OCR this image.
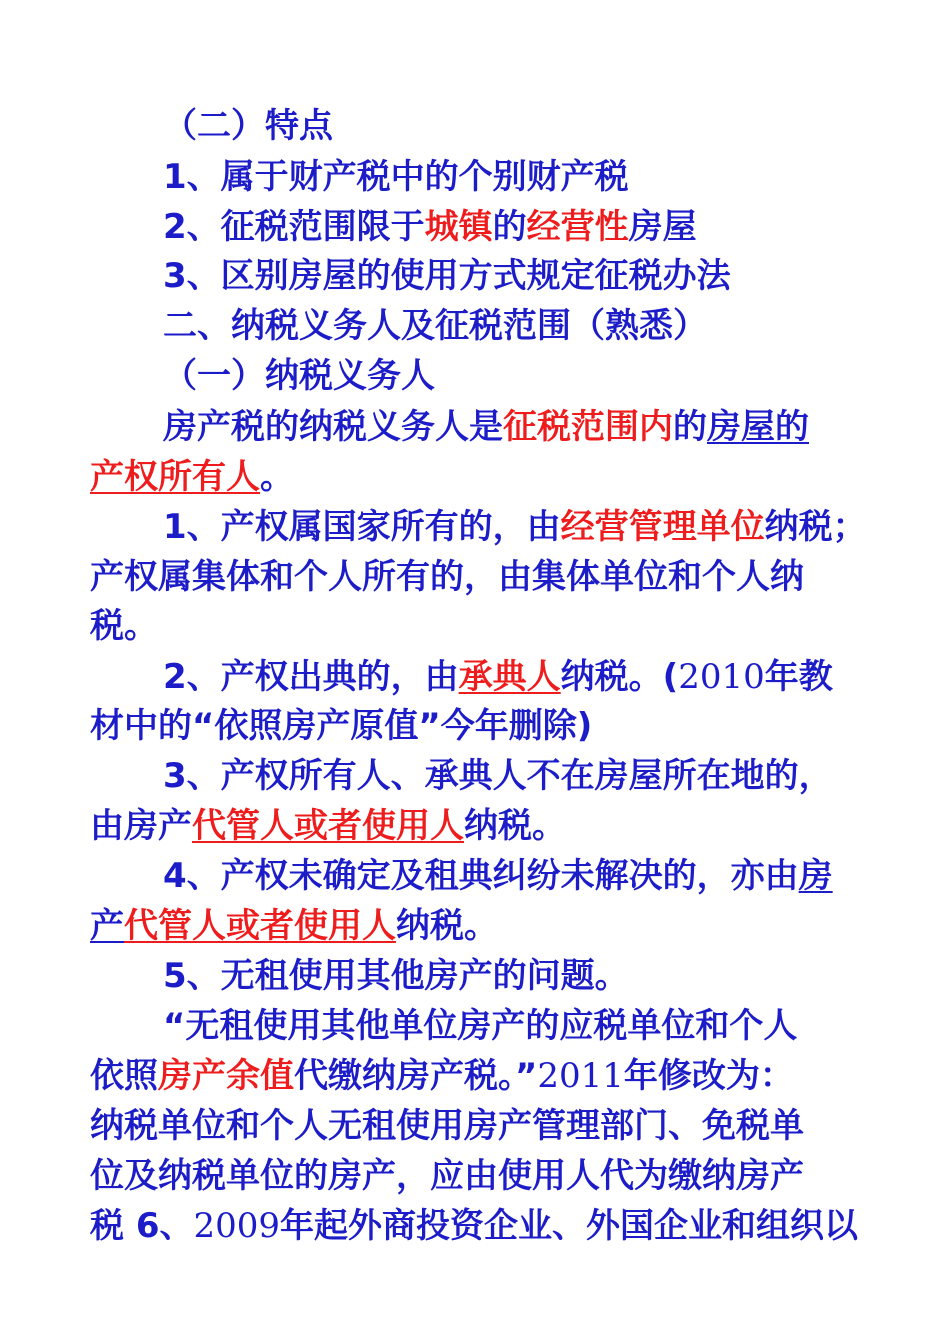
（二）特点
1、属于财产税中的个别财产税
2、征税范围限于城镇的经营性房屋
3、区别房屋的使用方式规定征税办法
二、纳税义务人及征税范围（熟悉）
（一）纳税义务人
房产税的纳税义务人是征税范围内的房屋的
产权所有人。
1、产权属国家所有的，由经营管理单位纳税；
产权属集体和个人所有的，由集体单位和个人纳
税。
2、产权出典的，由承典人纳税。(2010年教
材中的“依照房产原值”今年删除)
3、产权所有人、承典人不在房屋所在地的，
由房产代管人或者使用人纳税。
4、产权未确定及租典纠纷未解决的，亦由房
产代管人或者使用人纳税。
5、无租使用其他房产的问题。
“无租使用其他单位房产的应税单位和个人
依照房产余值代缴纳房产税。”2011年修改为：
纳税单位和个人无租使用房产管理部门、免税单
位及纳税单位的房产，应由使用人代为缴纳房产
税 6、2009年起外商投资企业、外国企业和组织以
